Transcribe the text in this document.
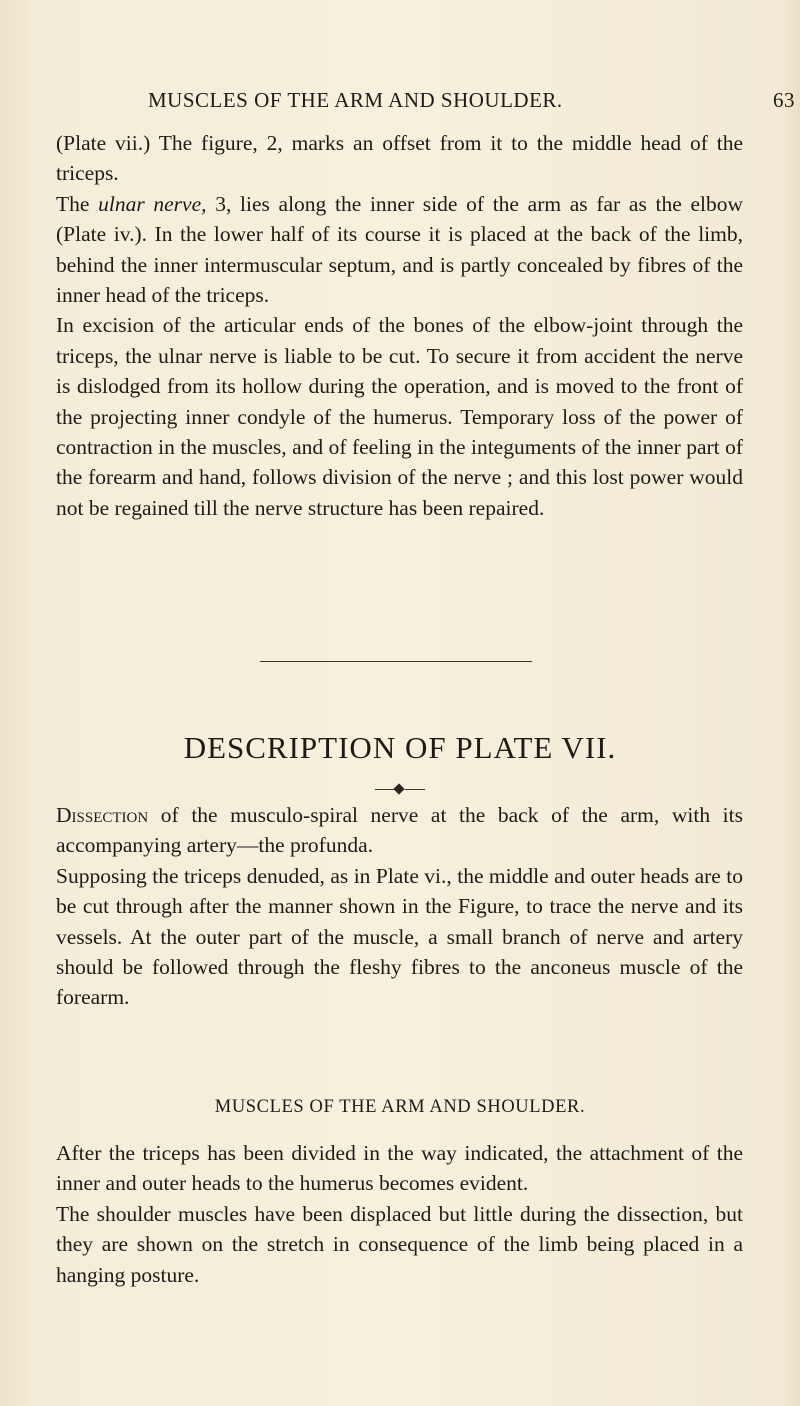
MUSCLES OF THE ARM AND SHOULDER.	63

(Plate vii.) The figure, 2, marks an offset from it to the middle head of the triceps.

The ulnar nerve, 3, lies along the inner side of the arm as far as the elbow (Plate iv.). In the lower half of its course it is placed at the back of the limb, behind the inner intermuscular septum, and is partly concealed by fibres of the inner head of the triceps.

In excision of the articular ends of the bones of the elbow-joint through the triceps, the ulnar nerve is liable to be cut. To secure it from accident the nerve is dislodged from its hollow during the operation, and is moved to the front of the projecting inner condyle of the humerus. Temporary loss of the power of contraction in the muscles, and of feeling in the integuments of the inner part of the forearm and hand, follows division of the nerve ; and this lost power would not be regained till the nerve structure has been repaired.

DESCRIPTION OF PLATE VII.

Dissection of the musculo-spiral nerve at the back of the arm, with its accompanying artery—the profunda.

Supposing the triceps denuded, as in Plate vi., the middle and outer heads are to be cut through after the manner shown in the Figure, to trace the nerve and its vessels. At the outer part of the muscle, a small branch of nerve and artery should be followed through the fleshy fibres to the anconeus muscle of the forearm.

MUSCLES OF THE ARM AND SHOULDER.

After the triceps has been divided in the way indicated, the attachment of the inner and outer heads to the humerus becomes evident.

The shoulder muscles have been displaced but little during the dissection, but they are shown on the stretch in consequence of the limb being placed in a hanging posture.
